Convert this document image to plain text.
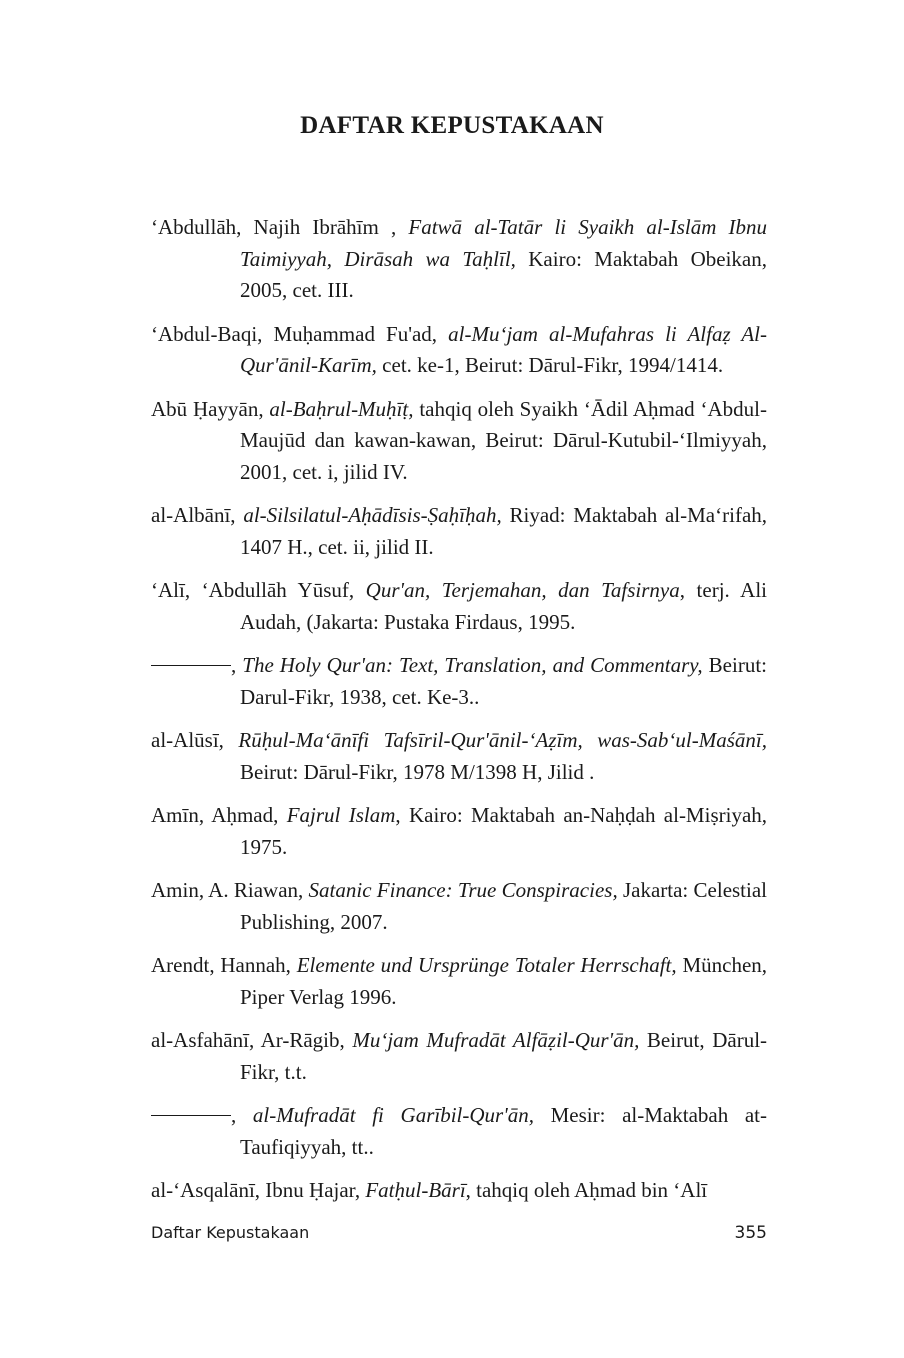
DAFTAR KEPUSTAKAAN

‘Abdullāh, Najih Ibrāhīm , Fatwā al-Tatār li Syaikh al-Islām Ibnu Taimiyyah, Dirāsah wa Taḥlīl, Kairo: Maktabah Obeikan, 2005, cet. III.

‘Abdul-Baqi, Muḥammad Fu'ad, al-Mu‘jam al-Mufahras li Alfaẓ Al-Qur'ānil-Karīm, cet. ke-1, Beirut: Dārul-Fikr, 1994/1414.

Abū Ḥayyān, al-Baḥrul-Muḥīṭ, tahqiq oleh Syaikh ‘Ādil Aḥmad ‘Abdul-Maujūd dan kawan-kawan, Beirut: Dārul-Kutubil-‘Ilmiyyah, 2001, cet. i, jilid IV.

al-Albānī, al-Silsilatul-Aḥādīsis-Ṣaḥīḥah, Riyad: Maktabah al-Ma‘rifah, 1407 H., cet. ii, jilid II.

‘Alī, ‘Abdullāh Yūsuf, Qur'an, Terjemahan, dan Tafsirnya, terj. Ali Audah, (Jakarta: Pustaka Firdaus, 1995.

, The Holy Qur'an: Text, Translation, and Commentary, Beirut: Darul-Fikr, 1938, cet. Ke-3..

al-Alūsī, Rūḥul-Ma‘ānīfi Tafsīril-Qur'ānil-‘Aẓīm, was-Sab‘ul-Maśānī, Beirut: Dārul-Fikr, 1978 M/1398 H, Jilid .

Amīn, Aḥmad, Fajrul Islam, Kairo: Maktabah an-Naḥḍah al-Miṣriyah, 1975.

Amin, A. Riawan, Satanic Finance: True Conspiracies, Jakarta: Celestial Publishing, 2007.

Arendt, Hannah, Elemente und Ursprünge Totaler Herrschaft, München, Piper Verlag 1996.

al-Asfahānī, Ar-Rāgib, Mu‘jam Mufradāt Alfāẓil-Qur'ān, Beirut, Dārul-Fikr, t.t.

, al-Mufradāt fi Garībil-Qur'ān, Mesir: al-Maktabah at-Taufiqiyyah, tt..

al-‘Asqalānī, Ibnu Ḥajar, Fatḥul-Bārī, tahqiq oleh Aḥmad bin ‘Alī

Daftar Kepustakaan	355
